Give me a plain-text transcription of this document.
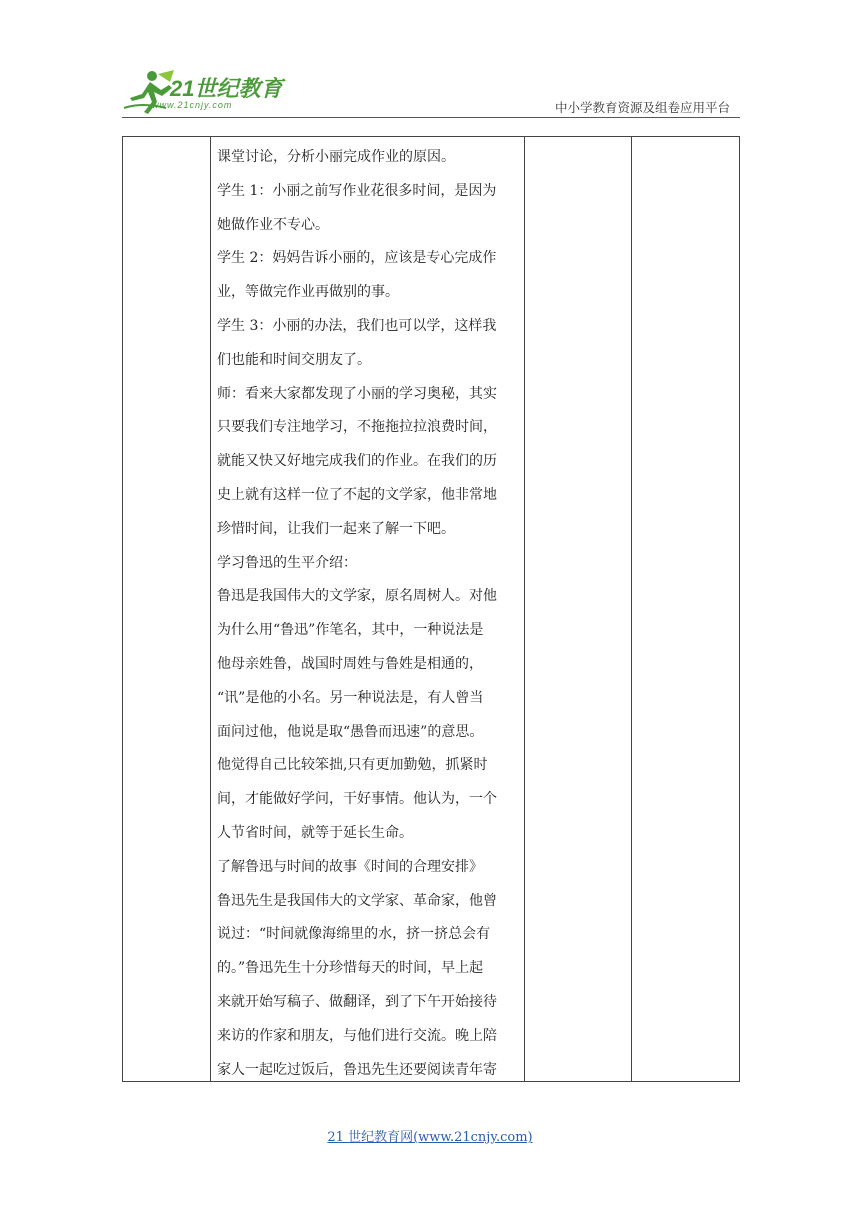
21世纪教育
www.21cnjy.com	中小学教育资源及组卷应用平台
课堂讨论，分析小丽完成作业的原因。
学生 1：小丽之前写作业花很多时间，是因为
她做作业不专心。
学生 2：妈妈告诉小丽的，应该是专心完成作
业，等做完作业再做别的事。
学生 3：小丽的办法，我们也可以学，这样我
们也能和时间交朋友了。
师：看来大家都发现了小丽的学习奥秘，其实
只要我们专注地学习，不拖拖拉拉浪费时间，
就能又快又好地完成我们的作业。在我们的历
史上就有这样一位了不起的文学家，他非常地
珍惜时间，让我们一起来了解一下吧。
学习鲁迅的生平介绍：
鲁迅是我国伟大的文学家，原名周树人。对他
为什么用“鲁迅”作笔名，其中，一种说法是
他母亲姓鲁，战国时周姓与鲁姓是相通的，
“讯”是他的小名。另一种说法是，有人曾当
面问过他，他说是取“愚鲁而迅速”的意思。
他觉得自己比较笨拙,只有更加勤勉，抓紧时
间，才能做好学问，干好事情。他认为，一个
人节省时间，就等于延长生命。
了解鲁迅与时间的故事《时间的合理安排》
鲁迅先生是我国伟大的文学家、革命家，他曾
说过：“时间就像海绵里的水，挤一挤总会有
的。”鲁迅先生十分珍惜每天的时间，早上起
来就开始写稿子、做翻译，到了下午开始接待
来访的作家和朋友，与他们进行交流。晚上陪
家人一起吃过饭后，鲁迅先生还要阅读青年寄
21 世纪教育网(www.21cnjy.com)
